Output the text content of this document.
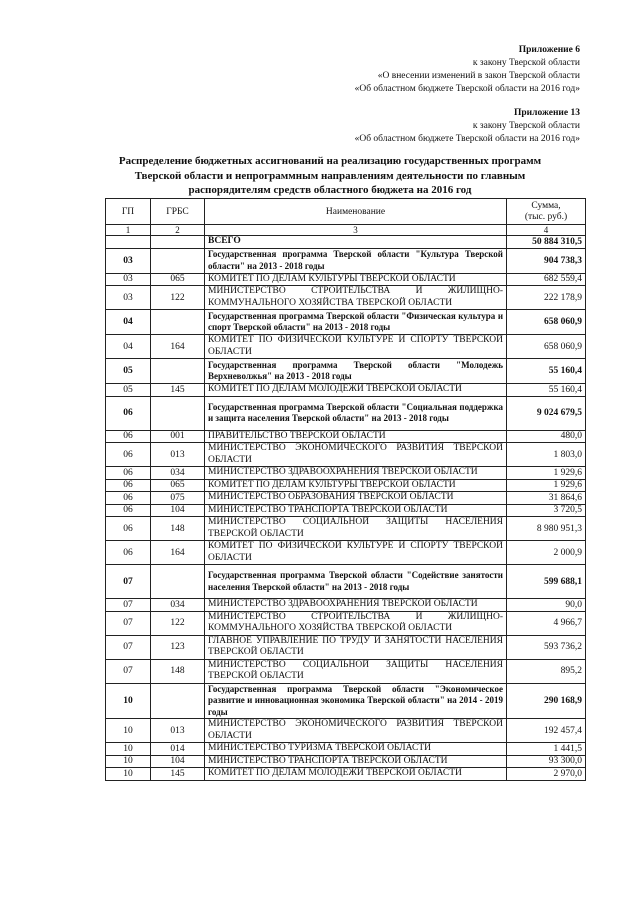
Приложение 6
к закону Тверской области
«О внесении изменений в закон Тверской области
«Об областном бюджете Тверской области на 2016 год»
Приложение 13
к закону Тверской области
«Об областном бюджете Тверской области на 2016 год»
Распределение бюджетных ассигнований на реализацию государственных программ Тверской области и непрограммным направлениям деятельности по главным распорядителям средств областного бюджета на 2016 год
ГП	ГРБС	Наименование	Сумма,
(тыс. руб.)

1	2	3	4
		ВСЕГО	50 884 310,5
03		Государственная программа Тверской области "Культура Тверской области" на 2013 - 2018 годы	904 738,3
03	065	КОМИТЕТ ПО ДЕЛАМ КУЛЬТУРЫ ТВЕРСКОЙ ОБЛАСТИ	682 559,4
03	122	МИНИСТЕРСТВО СТРОИТЕЛЬСТВА И ЖИЛИЩНО-КОММУНАЛЬНОГО ХОЗЯЙСТВА ТВЕРСКОЙ ОБЛАСТИ	222 178,9
04		Государственная программа Тверской области "Физическая культура и спорт Тверской области" на 2013 - 2018 годы	658 060,9
04	164	КОМИТЕТ ПО ФИЗИЧЕСКОЙ КУЛЬТУРЕ И СПОРТУ ТВЕРСКОЙ ОБЛАСТИ	658 060,9
05		Государственная программа Тверской области "Молодежь Верхневолжья" на 2013 - 2018 годы	55 160,4
05	145	КОМИТЕТ ПО ДЕЛАМ МОЛОДЕЖИ ТВЕРСКОЙ ОБЛАСТИ	55 160,4
06		Государственная программа Тверской области "Социальная поддержка и защита населения Тверской области" на 2013 - 2018 годы	9 024 679,5
06	001	ПРАВИТЕЛЬСТВО ТВЕРСКОЙ ОБЛАСТИ	480,0
06	013	МИНИСТЕРСТВО ЭКОНОМИЧЕСКОГО РАЗВИТИЯ ТВЕРСКОЙ ОБЛАСТИ	1 803,0
06	034	МИНИСТЕРСТВО ЗДРАВООХРАНЕНИЯ ТВЕРСКОЙ ОБЛАСТИ	1 929,6
06	065	КОМИТЕТ ПО ДЕЛАМ КУЛЬТУРЫ ТВЕРСКОЙ ОБЛАСТИ	1 929,6
06	075	МИНИСТЕРСТВО ОБРАЗОВАНИЯ ТВЕРСКОЙ ОБЛАСТИ	31 864,6
06	104	МИНИСТЕРСТВО ТРАНСПОРТА ТВЕРСКОЙ ОБЛАСТИ	3 720,5
06	148	МИНИСТЕРСТВО СОЦИАЛЬНОЙ ЗАЩИТЫ НАСЕЛЕНИЯ ТВЕРСКОЙ ОБЛАСТИ	8 980 951,3
06	164	КОМИТЕТ ПО ФИЗИЧЕСКОЙ КУЛЬТУРЕ И СПОРТУ ТВЕРСКОЙ ОБЛАСТИ	2 000,9
07		Государственная программа Тверской области "Содействие занятости населения Тверской области" на 2013 - 2018 годы	599 688,1
07	034	МИНИСТЕРСТВО ЗДРАВООХРАНЕНИЯ ТВЕРСКОЙ ОБЛАСТИ	90,0
07	122	МИНИСТЕРСТВО СТРОИТЕЛЬСТВА И ЖИЛИЩНО-КОММУНАЛЬНОГО ХОЗЯЙСТВА ТВЕРСКОЙ ОБЛАСТИ	4 966,7
07	123	ГЛАВНОЕ УПРАВЛЕНИЕ ПО ТРУДУ И ЗАНЯТОСТИ НАСЕЛЕНИЯ ТВЕРСКОЙ ОБЛАСТИ	593 736,2
07	148	МИНИСТЕРСТВО СОЦИАЛЬНОЙ ЗАЩИТЫ НАСЕЛЕНИЯ ТВЕРСКОЙ ОБЛАСТИ	895,2
10		Государственная программа Тверской области "Экономическое развитие и инновационная экономика Тверской области" на 2014 - 2019 годы	290 168,9
10	013	МИНИСТЕРСТВО ЭКОНОМИЧЕСКОГО РАЗВИТИЯ ТВЕРСКОЙ ОБЛАСТИ	192 457,4
10	014	МИНИСТЕРСТВО ТУРИЗМА ТВЕРСКОЙ ОБЛАСТИ	1 441,5
10	104	МИНИСТЕРСТВО ТРАНСПОРТА ТВЕРСКОЙ ОБЛАСТИ	93 300,0
10	145	КОМИТЕТ ПО ДЕЛАМ МОЛОДЕЖИ ТВЕРСКОЙ ОБЛАСТИ	2 970,0
